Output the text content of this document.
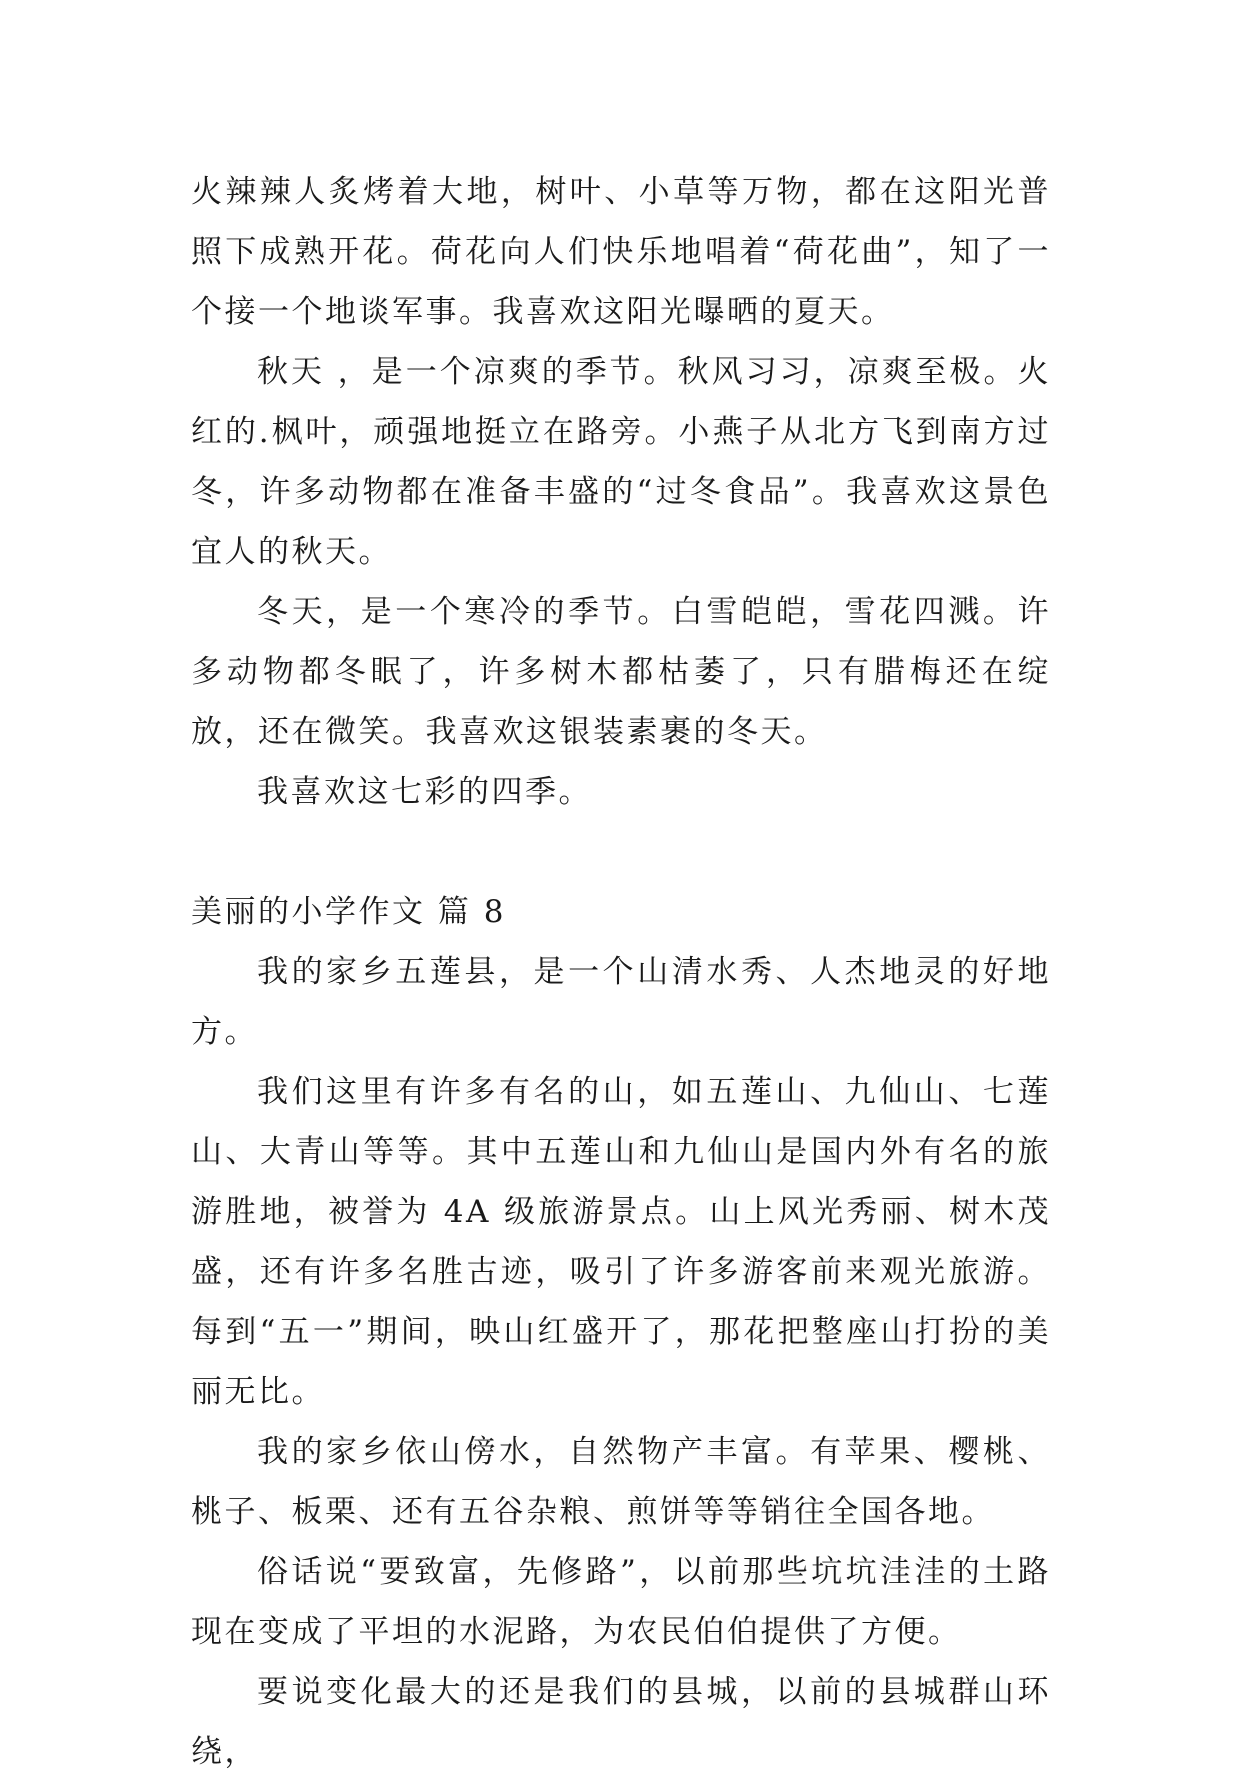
火辣辣人炙烤着大地，树叶、小草等万物，都在这阳光普照下成熟开花。荷花向人们快乐地唱着“荷花曲”，知了一个接一个地谈军事。我喜欢这阳光曝晒的夏天。

秋天 ，是一个凉爽的季节。秋风习习，凉爽至极。火红的.枫叶，顽强地挺立在路旁。小燕子从北方飞到南方过冬，许多动物都在准备丰盛的“过冬食品”。我喜欢这景色宜人的秋天。

冬天，是一个寒冷的季节。白雪皑皑，雪花四溅。许多动物都冬眠了，许多树木都枯萎了，只有腊梅还在绽放，还在微笑。我喜欢这银装素裹的冬天。

我喜欢这七彩的四季。

美丽的小学作文 篇 8

我的家乡五莲县，是一个山清水秀、人杰地灵的好地方。

我们这里有许多有名的山，如五莲山、九仙山、七莲山、大青山等等。其中五莲山和九仙山是国内外有名的旅游胜地，被誉为 4A 级旅游景点。山上风光秀丽、树木茂盛，还有许多名胜古迹，吸引了许多游客前来观光旅游。每到“五一”期间，映山红盛开了，那花把整座山打扮的美丽无比。

我的家乡依山傍水，自然物产丰富。有苹果、樱桃、桃子、板栗、还有五谷杂粮、煎饼等等销往全国各地。

俗话说“要致富，先修路”，以前那些坑坑洼洼的土路现在变成了平坦的水泥路，为农民伯伯提供了方便。

要说变化最大的还是我们的县城，以前的县城群山环绕，
